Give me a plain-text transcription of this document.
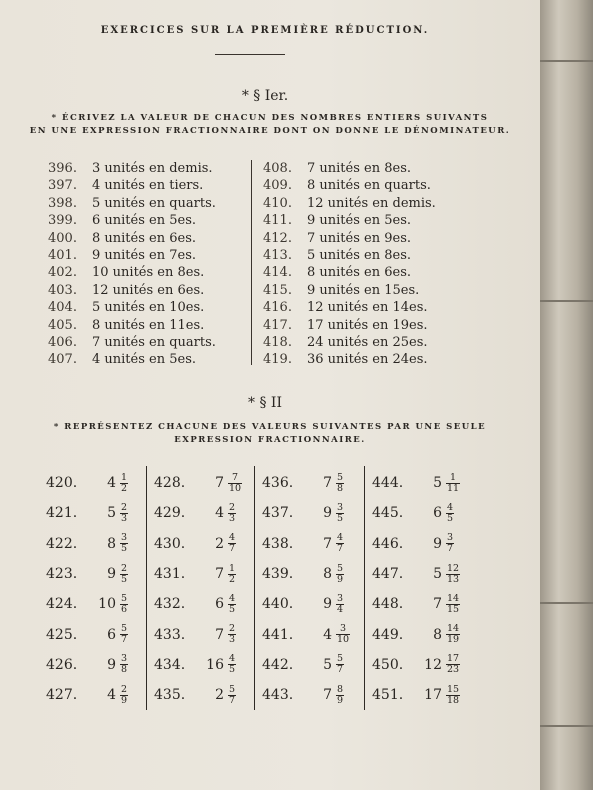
EXERCICES SUR LA PREMIÈRE RÉDUCTION.
* § Ier.
* ÉCRIVEZ LA VALEUR DE CHACUN DES NOMBRES ENTIERS SUIVANTS
EN UNE EXPRESSION FRACTIONNAIRE DONT ON DONNE LE DÉNOMINATEUR.
396. 3 unités en demis.
397. 4 unités en tiers.
398. 5 unités en quarts.
399. 6 unités en 5es.
400. 8 unités en 6es.
401. 9 unités en 7es.
402. 10 unités en 8es.
403. 12 unités en 6es.
404. 5 unités en 10es.
405. 8 unités en 11es.
406. 7 unités en quarts.
407. 4 unités en 5es.
408. 7 unités en 8es.
409. 8 unités en quarts.
410. 12 unités en demis.
411. 9 unités en 5es.
412. 7 unités en 9es.
413. 5 unités en 8es.
414. 8 unités en 6es.
415. 9 unités en 15es.
416. 12 unités en 14es.
417. 17 unités en 19es.
418. 24 unités en 25es.
419. 36 unités en 24es.
* § II
* REPRÉSENTEZ CHACUNE DES VALEURS SUIVANTES PAR UNE SEULE
EXPRESSION FRACTIONNAIRE.
420.	$4 \frac{1}{2}$
421.	$5 \frac{2}{3}$
422.	$8 \frac{3}{5}$
423.	$9 \frac{2}{5}$
424.	$10 \frac{5}{6}$
425.	$6 \frac{5}{7}$
426.	$9 \frac{3}{8}$
427.	$4 \frac{2}{9}$
428.	$7 \frac{7}{10}$
429.	$4 \frac{2}{3}$
430.	$2 \frac{4}{7}$
431.	$7 \frac{1}{2}$
432.	$6 \frac{4}{5}$
433.	$7 \frac{2}{3}$
434.	$16 \frac{4}{5}$
435.	$2 \frac{5}{7}$
436.	$7 \frac{5}{8}$
437.	$9 \frac{3}{5}$
438.	$7 \frac{4}{7}$
439.	$8 \frac{5}{9}$
440.	$9 \frac{3}{4}$
441.	$4 \frac{3}{10}$
442.	$5 \frac{5}{7}$
443.	$7 \frac{8}{9}$
444.	$5 \frac{1}{11}$
445.	$6 \frac{4}{5}$
446.	$9 \frac{3}{7}$
447.	$5 \frac{12}{13}$
448.	$7 \frac{14}{15}$
449.	$8 \frac{14}{19}$
450.	$12 \frac{17}{23}$
451.	$17 \frac{15}{18}$
